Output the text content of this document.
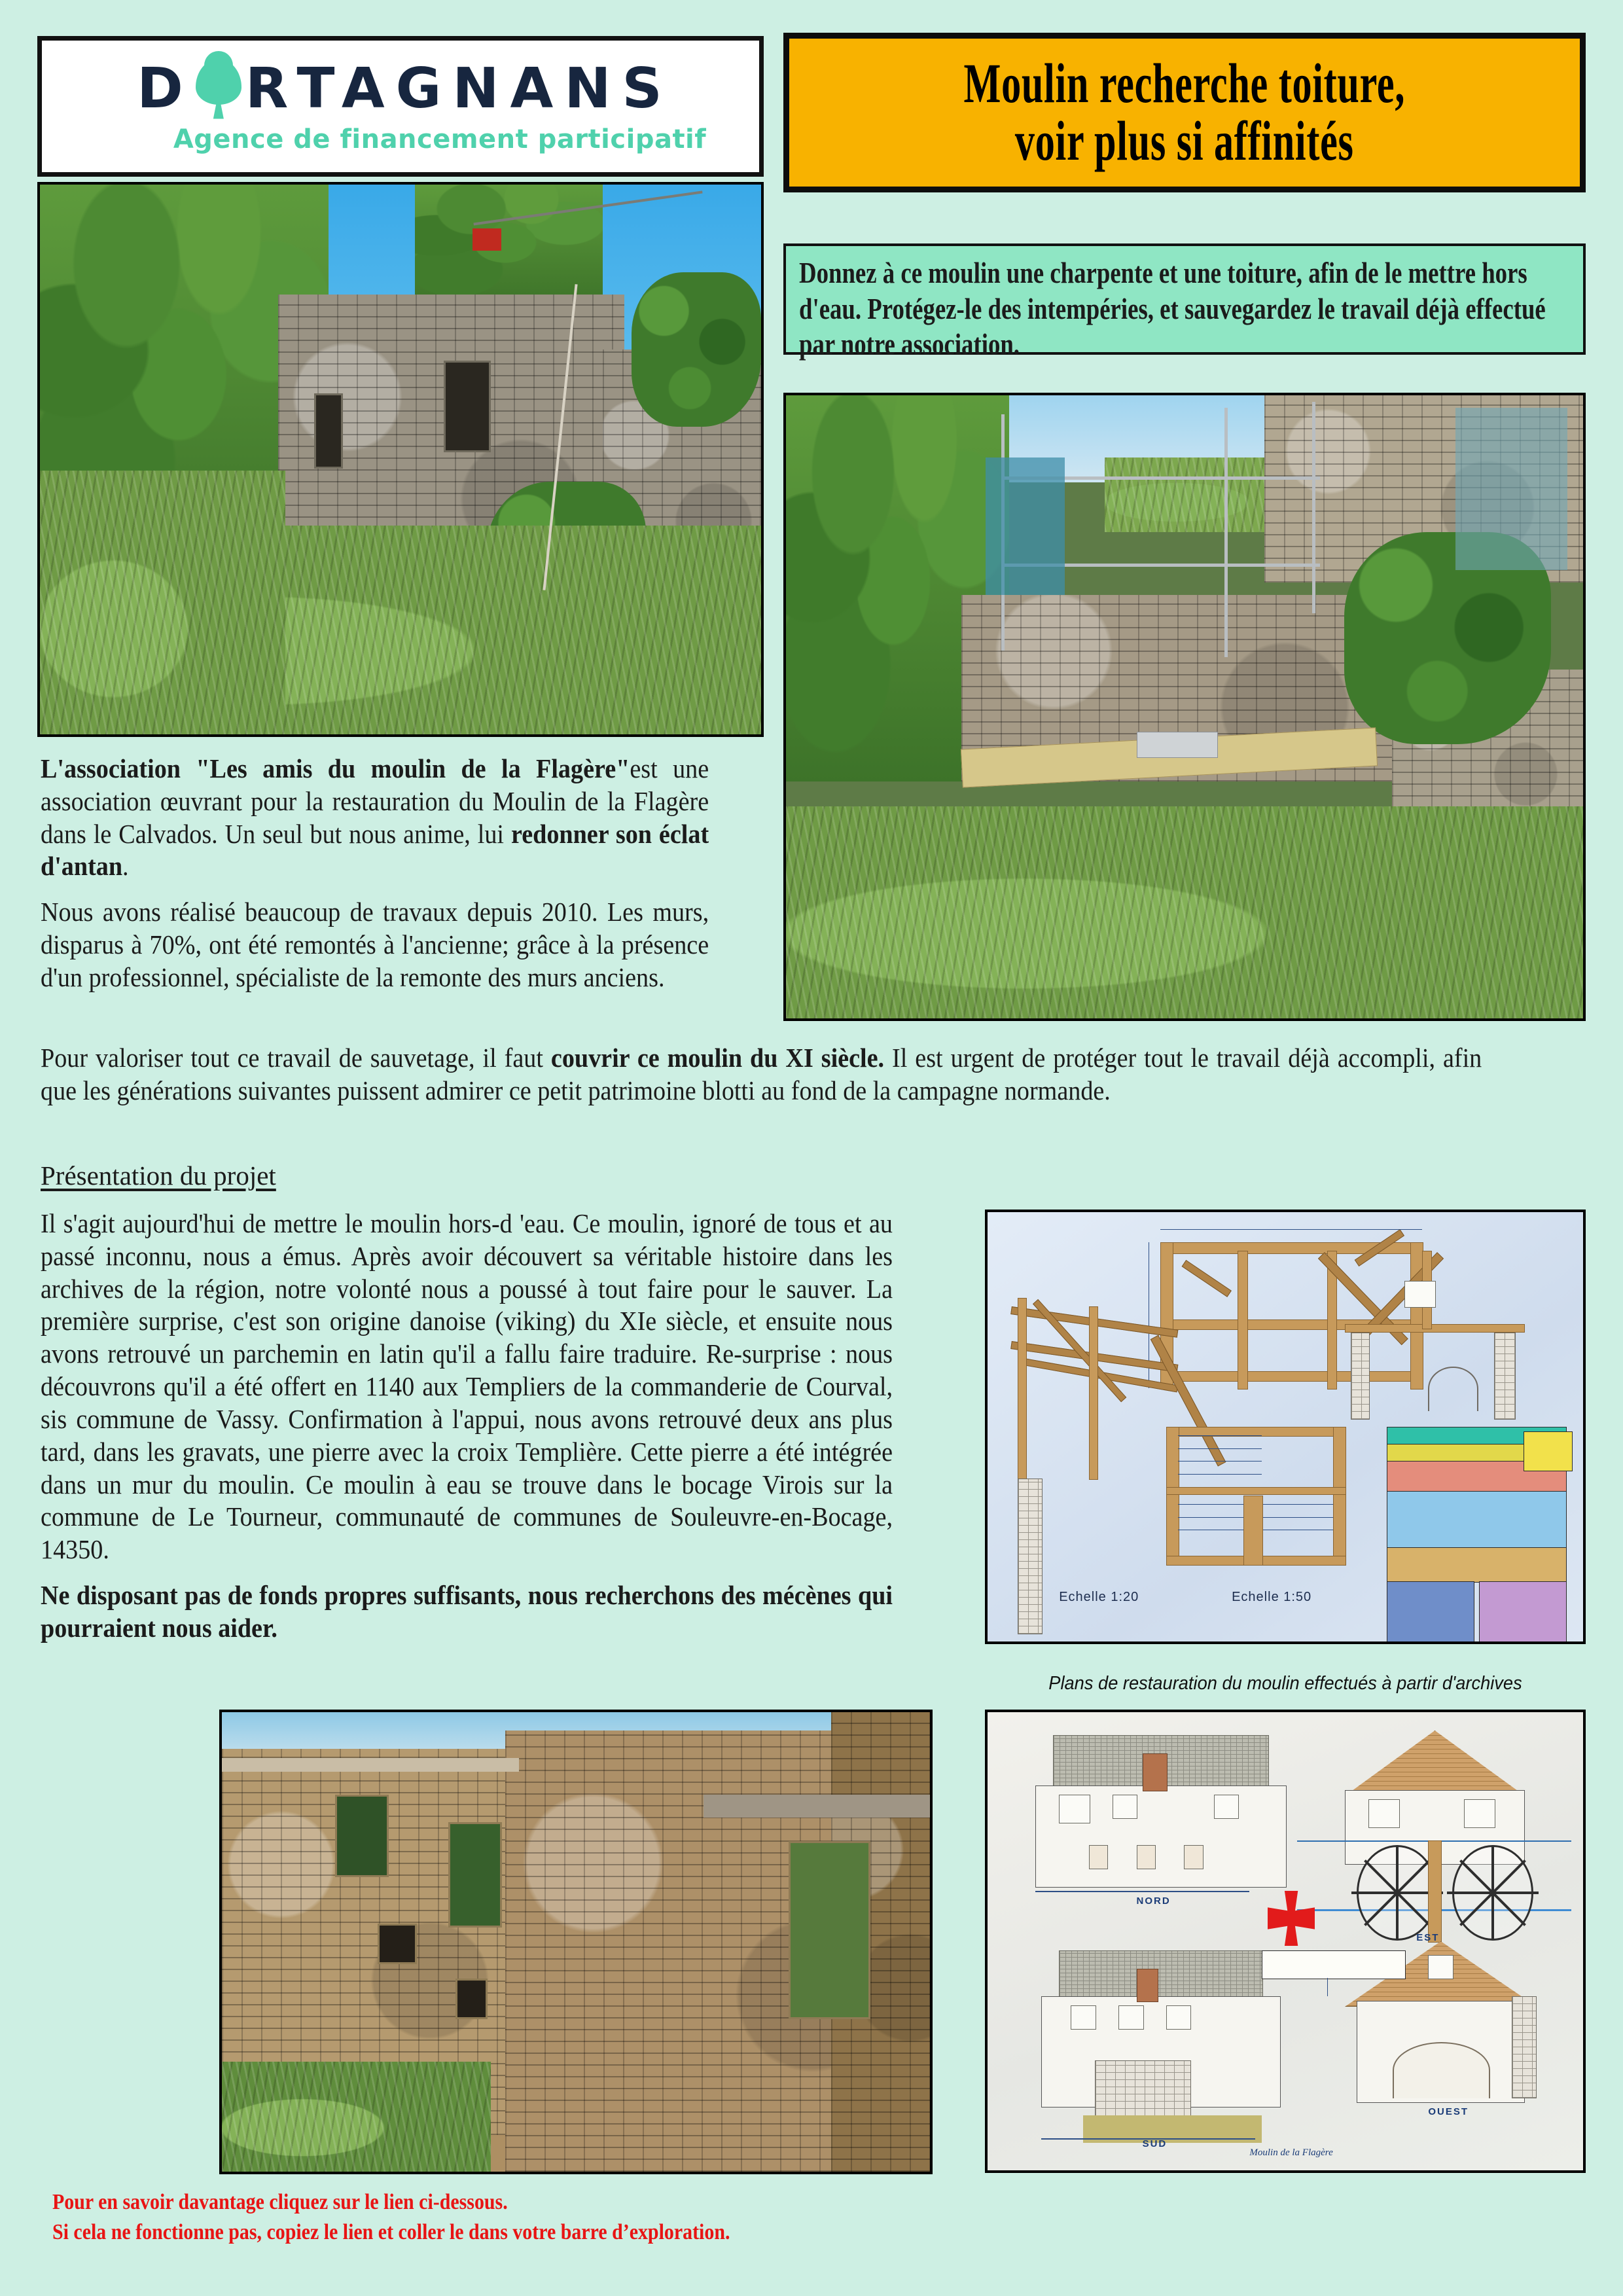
D RTAGNANS
Agence de financement participatif
Moulin recherche toiture,
voir plus si affinités

Donnez à ce moulin une charpente et une toiture, afin de le mettre hors d'eau. Protégez-le des intempéries, et sauvegardez le travail déjà effectué par notre association.

L'association "Les amis du moulin de la Flagère"est une association œuvrant pour la restauration du Moulin de la Flagère dans le Calvados. Un seul but nous anime, lui redonner son éclat d'antan.

Nous avons réalisé beaucoup de travaux depuis 2010. Les murs, disparus à 70%, ont été remontés à l'ancienne; grâce à la présence d'un professionnel, spécialiste de la remonte des murs anciens.

Pour valoriser tout ce travail de sauvetage, il faut couvrir ce moulin du XI siècle. Il est urgent de protéger tout le travail déjà accompli, afin que les générations suivantes puissent admirer ce petit patrimoine blotti au fond de la campagne normande.

Présentation du projet

Il s'agit aujourd'hui de mettre le moulin hors-d 'eau. Ce moulin, ignoré de tous et au passé inconnu, nous a émus. Après avoir découvert sa véritable histoire dans les archives de la région, notre volonté nous a poussé à tout faire pour le sauver. La première surprise, c'est son origine danoise (viking) du XIe siècle, et ensuite nous avons retrouvé un parchemin en latin qu'il a fallu faire traduire. Re-surprise : nous découvrons qu'il a été offert en 1140 aux Templiers de la commanderie de Courval, sis commune de Vassy. Confirmation à l'appui, nous avons retrouvé deux ans plus tard, dans les gravats, une pierre avec la croix Templière. Cette pierre a été intégrée dans un mur du moulin. Ce moulin à eau se trouve dans le bocage Virois sur la commune de Le Tourneur, communauté de communes de Souleuvre-en-Bocage, 14350.

Ne disposant pas de fonds propres suffisants, nous recherchons des mécènes qui pourraient nous aider.

Echelle 1:20	Echelle 1:50
Plans de restauration du moulin effectués à partir d'archives
NORD
EST
SUD
OUEST
Moulin de la Flagère
Pour en savoir davantage cliquez sur le lien ci-dessous.
Si cela ne fonctionne pas, copiez le lien et coller le dans votre barre d’exploration.
